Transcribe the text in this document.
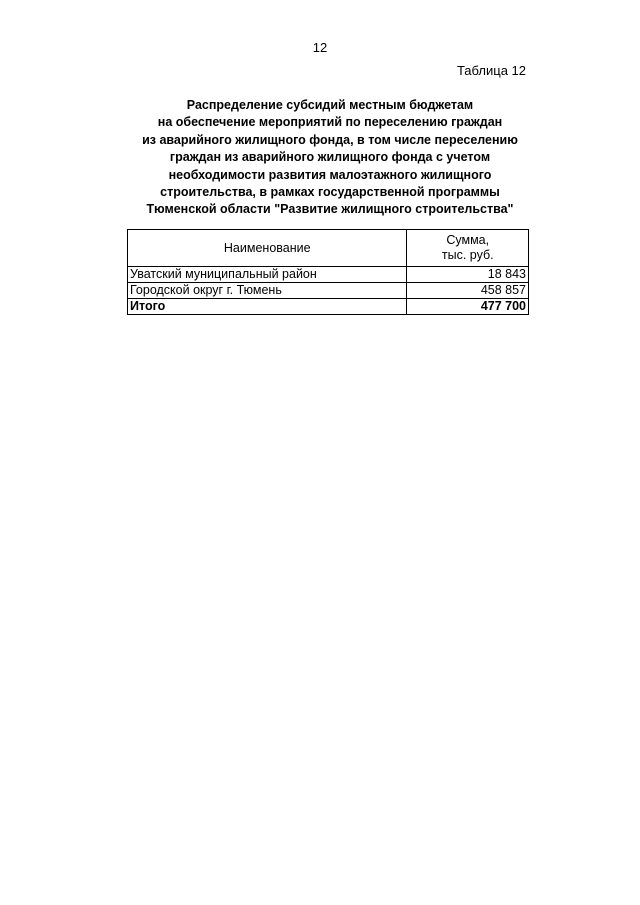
12
Таблица 12
Распределение субсидий местным бюджетам
на обеспечение мероприятий по переселению граждан
из аварийного жилищного фонда, в том числе переселению
граждан из аварийного жилищного фонда с учетом
необходимости развития малоэтажного жилищного
строительства, в рамках государственной программы
Тюменской области "Развитие жилищного строительства"
Наименование	Сумма,
тыс. руб.

Уватский муниципальный район	18 843
Городской округ г. Тюмень	458 857
Итого	477 700
